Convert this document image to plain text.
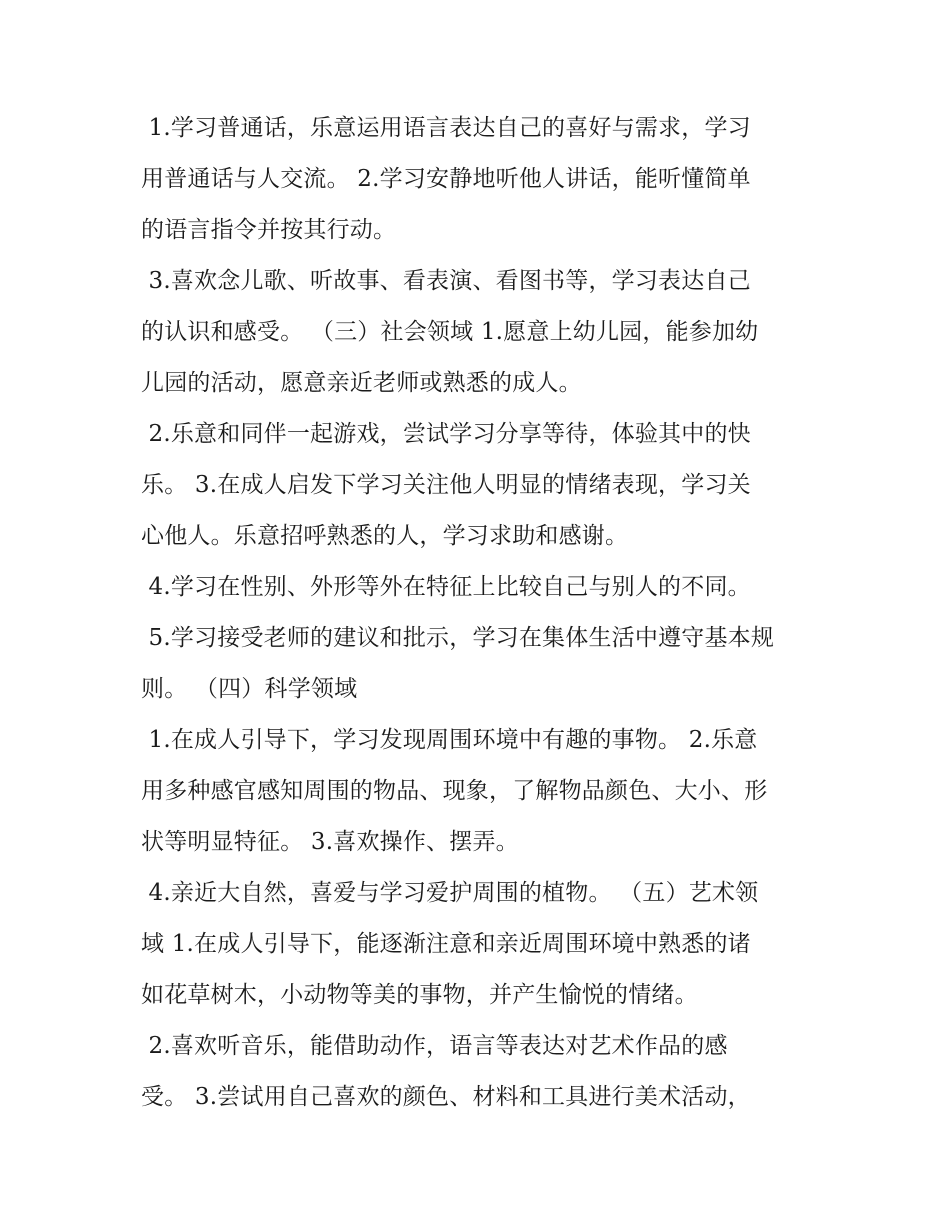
1.学习普通话，乐意运用语言表达自己的喜好与需求，学习
用普通话与人交流。 2.学习安静地听他人讲话，能听懂简单
的语言指令并按其行动。
3.喜欢念儿歌、听故事、看表演、看图书等，学习表达自己
的认识和感受。 （三）社会领域 1.愿意上幼儿园，能参加幼
儿园的活动，愿意亲近老师或熟悉的成人。
2.乐意和同伴一起游戏，尝试学习分享等待，体验其中的快
乐。 3.在成人启发下学习关注他人明显的情绪表现，学习关
心他人。乐意招呼熟悉的人，学习求助和感谢。
4.学习在性别、外形等外在特征上比较自己与别人的不同。
5.学习接受老师的建议和批示，学习在集体生活中遵守基本规
则。 （四）科学领域
1.在成人引导下，学习发现周围环境中有趣的事物。 2.乐意
用多种感官感知周围的物品、现象，了解物品颜色、大小、形
状等明显特征。 3.喜欢操作、摆弄。
4.亲近大自然，喜爱与学习爱护周围的植物。 （五）艺术领
域 1.在成人引导下，能逐渐注意和亲近周围环境中熟悉的诸
如花草树木，小动物等美的事物，并产生愉悦的情绪。
2.喜欢听音乐，能借助动作，语言等表达对艺术作品的感
受。 3.尝试用自己喜欢的颜色、材料和工具进行美术活动，
